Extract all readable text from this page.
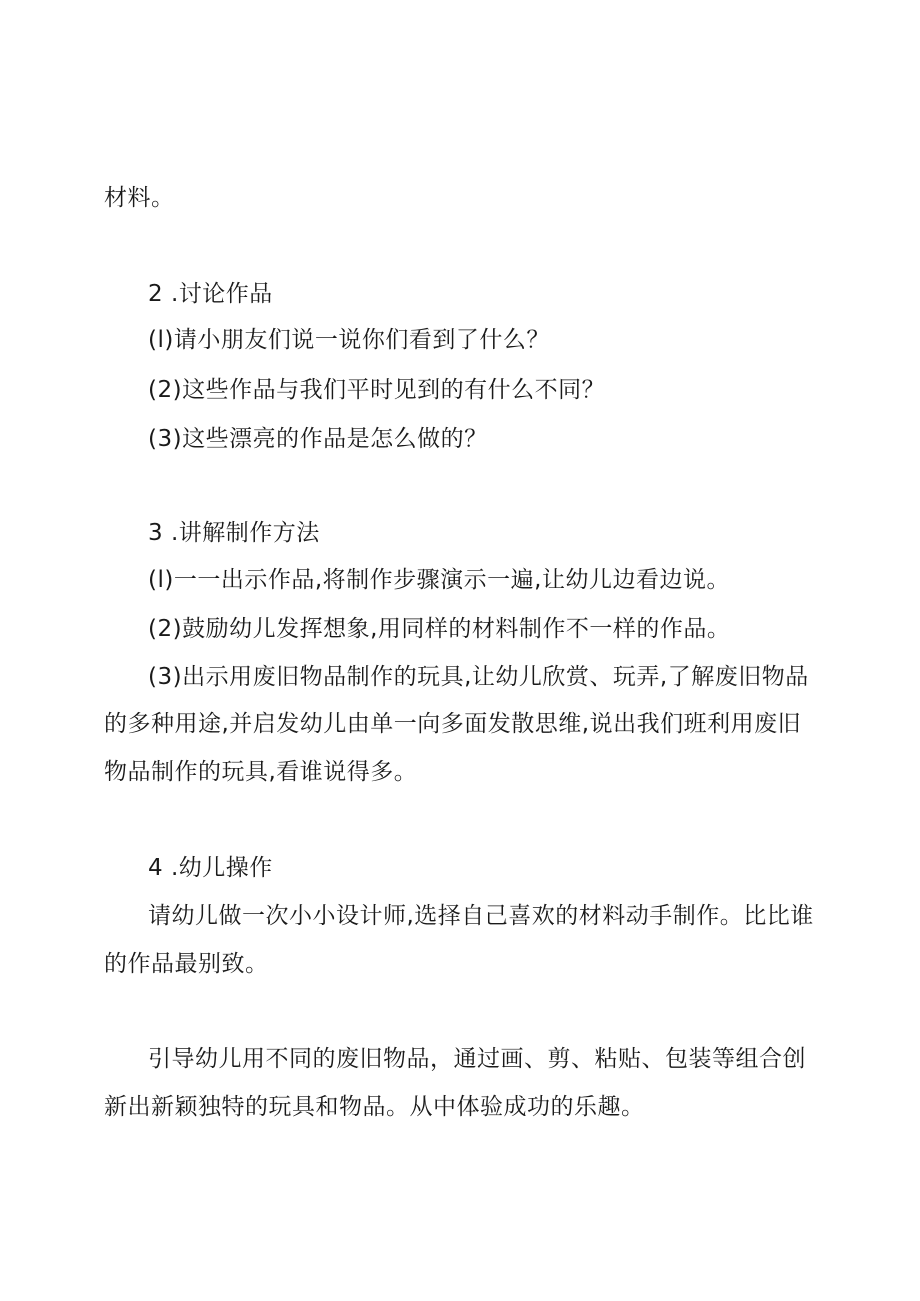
材料。
2 .讨论作品
(l)请小朋友们说一说你们看到了什么？
(2)这些作品与我们平时见到的有什么不同？
(3)这些漂亮的作品是怎么做的？
3 .讲解制作方法
(l)一一出示作品,将制作步骤演示一遍,让幼儿边看边说。
(2)鼓励幼儿发挥想象,用同样的材料制作不一样的作品。
(3)出示用废旧物品制作的玩具,让幼儿欣赏、玩弄,了解废旧物品
的多种用途,并启发幼儿由单一向多面发散思维,说出我们班利用废旧
物品制作的玩具,看谁说得多。
4 .幼儿操作
请幼儿做一次小小设计师,选择自己喜欢的材料动手制作。比比谁
的作品最别致。
引导幼儿用不同的废旧物品，通过画、剪、粘贴、包装等组合创
新出新颖独特的玩具和物品。从中体验成功的乐趣。
